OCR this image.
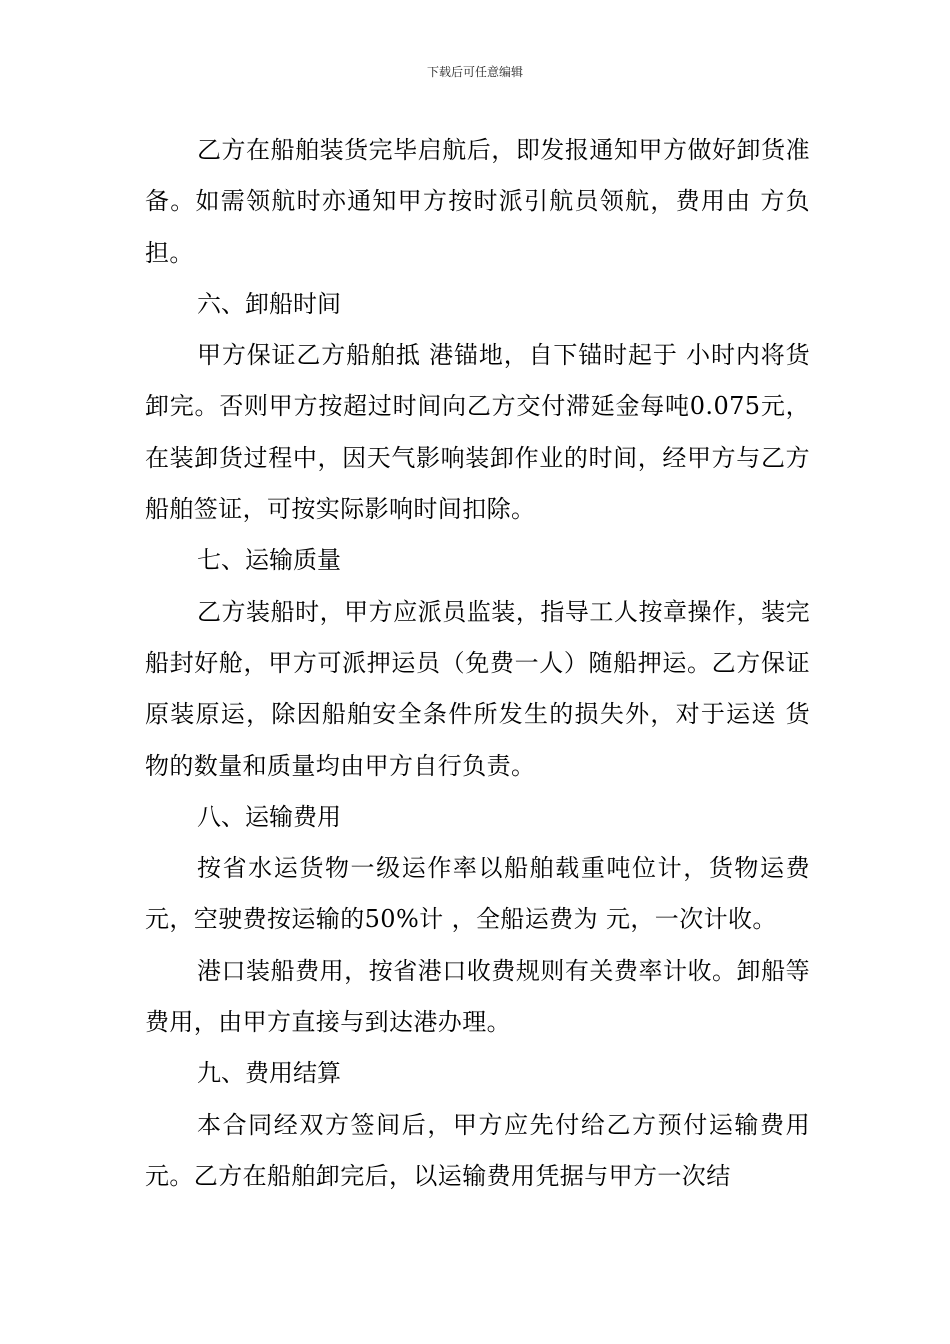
下载后可任意编辑

乙方在船舶装货完毕启航后，即发报通知甲方做好卸货准备。如需领航时亦通知甲方按时派引航员领航，费用由 方负担。

六、卸船时间

甲方保证乙方船舶抵 港锚地，自下锚时起于 小时内将货卸完。否则甲方按超过时间向乙方交付滞延金每吨0.075元，在装卸货过程中，因天气影响装卸作业的时间，经甲方与乙方船舶签证，可按实际影响时间扣除。

七、运输质量

乙方装船时，甲方应派员监装，指导工人按章操作，装完船封好舱，甲方可派押运员（免费一人）随船押运。乙方保证原装原运，除因船舶安全条件所发生的损失外，对于运送 货物的数量和质量均由甲方自行负责。

八、运输费用

按省水运货物一级运作率以船舶载重吨位计，货物运费 元，空驶费按运输的50%计 ，全船运费为 元，一次计收。

港口装船费用，按省港口收费规则有关费率计收。卸船等费用，由甲方直接与到达港办理。

九、费用结算

本合同经双方签间后，甲方应先付给乙方预付运输费用 元。乙方在船舶卸完后，以运输费用凭据与甲方一次结
